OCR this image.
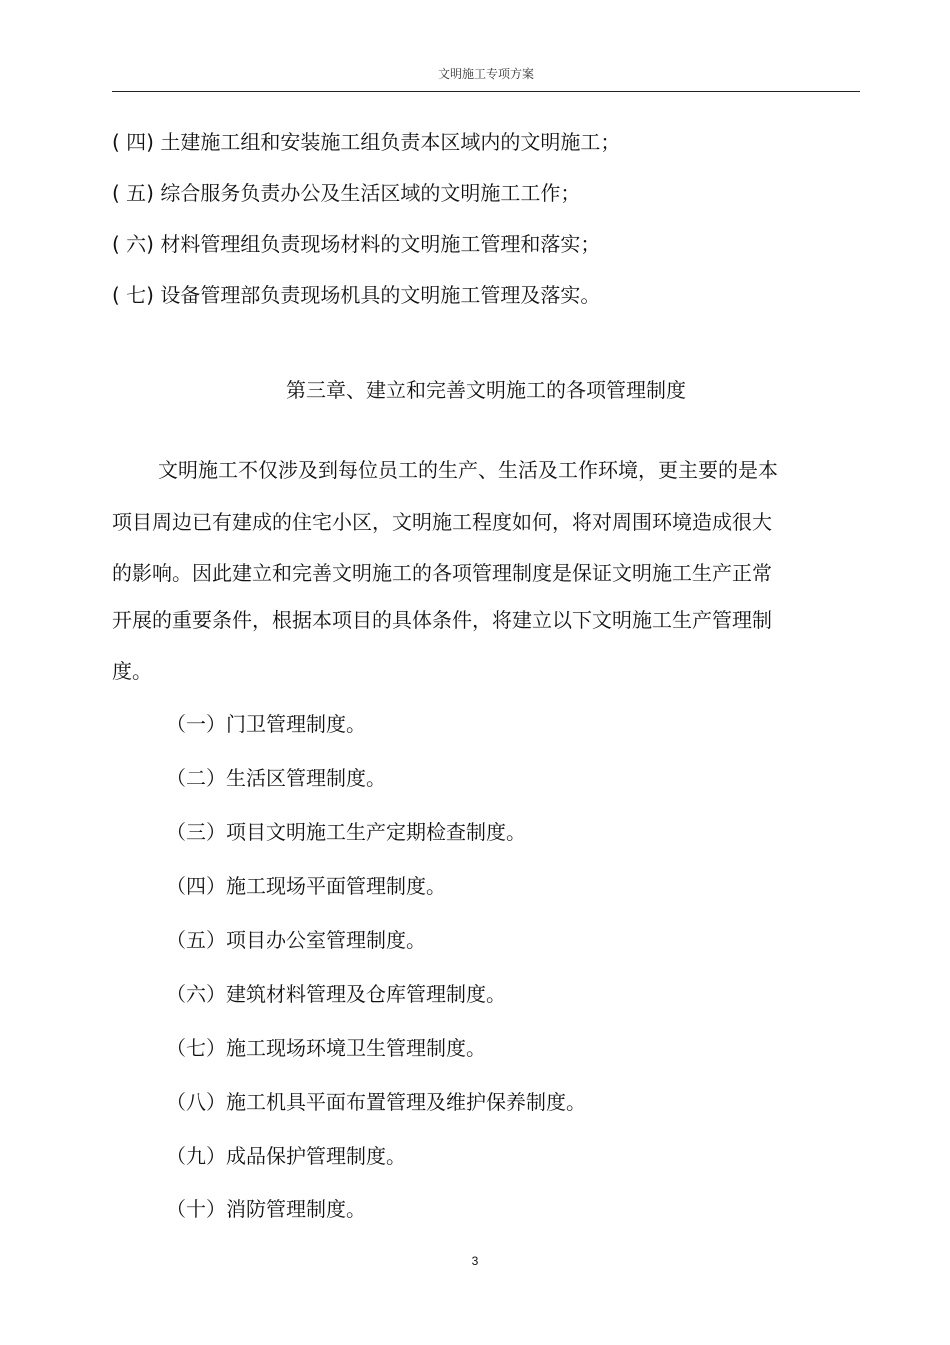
文明施工专项方案
( 四) 土建施工组和安装施工组负责本区域内的文明施工；
( 五) 综合服务负责办公及生活区域的文明施工工作；
( 六) 材料管理组负责现场材料的文明施工管理和落实；
( 七) 设备管理部负责现场机具的文明施工管理及落实。
第三章、建立和完善文明施工的各项管理制度
文明施工不仅涉及到每位员工的生产、生活及工作环境，更主要的是本
项目周边已有建成的住宅小区，文明施工程度如何，将对周围环境造成很大
的影响。因此建立和完善文明施工的各项管理制度是保证文明施工生产正常
开展的重要条件，根据本项目的具体条件，将建立以下文明施工生产管理制
度。
（一）门卫管理制度。
（二）生活区管理制度。
（三）项目文明施工生产定期检查制度。
（四）施工现场平面管理制度。
（五）项目办公室管理制度。
（六）建筑材料管理及仓库管理制度。
（七）施工现场环境卫生管理制度。
（八）施工机具平面布置管理及维护保养制度。
（九）成品保护管理制度。
（十）消防管理制度。
3
